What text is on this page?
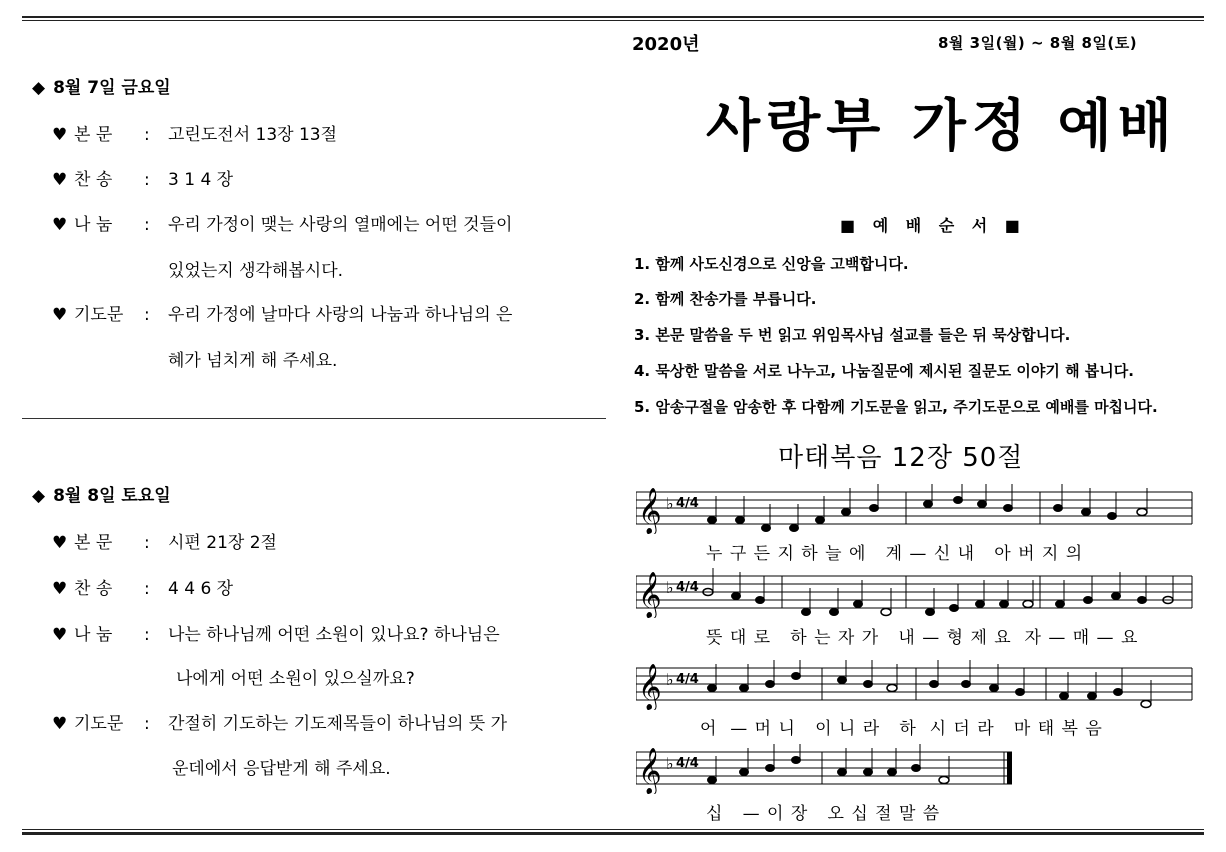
◆ 8월 7일 금요일
♥ 본 문 : 고린도전서 13장 13절
♥ 찬 송 : 3 1 4 장
♥ 나 눔 : 우리 가정이 맺는 사랑의 열매에는 어떤 것들이
있었는지 생각해봅시다.
♥ 기도문 : 우리 가정에 날마다 사랑의 나눔과 하나님의 은
혜가 넘치게 해 주세요.
◆ 8월 8일 토요일
♥ 본 문 : 시편 21장 2절
♥ 찬 송 : 4 4 6 장
♥ 나 눔 : 나는 하나님께 어떤 소원이 있나요? 하나님은
나에게 어떤 소원이 있으실까요?
♥ 기도문 : 간절히 기도하는 기도제목들이 하나님의 뜻 가
운데에서 응답받게 해 주세요.
2020년	8월 3일(월) ~ 8월 8일(토)
사랑부 가정 예배
■ 예 배 순 서 ■
1. 함께 사도신경으로 신앙을 고백합니다.
2. 함께 찬송가를 부릅니다.
3. 본문 말씀을 두 번 읽고 위임목사님 설교를 들은 뒤 묵상합니다.
4. 묵상한 말씀을 서로 나누고, 나눔질문에 제시된 질문도 이야기 해 봅니다.
5. 암송구절을 암송한 후 다함께 기도문을 읽고, 주기도문으로 예배를 마칩니다.
마태복음 12장 50절
𝄞 ♭ 4/4
누 구 든 지 하 늘 에   계 — 신 내   아 버 지 의
𝄞 ♭ 4/4
뜻 대 로   하 는 자 가   내 — 형 제 요  자 — 매 — 요
𝄞 ♭ 4/4
어  — 머 니   이 니 라   하  시 더 라   마 태 복 음
𝄞 ♭ 4/4
십   — 이 장   오 십 절 말 씀
